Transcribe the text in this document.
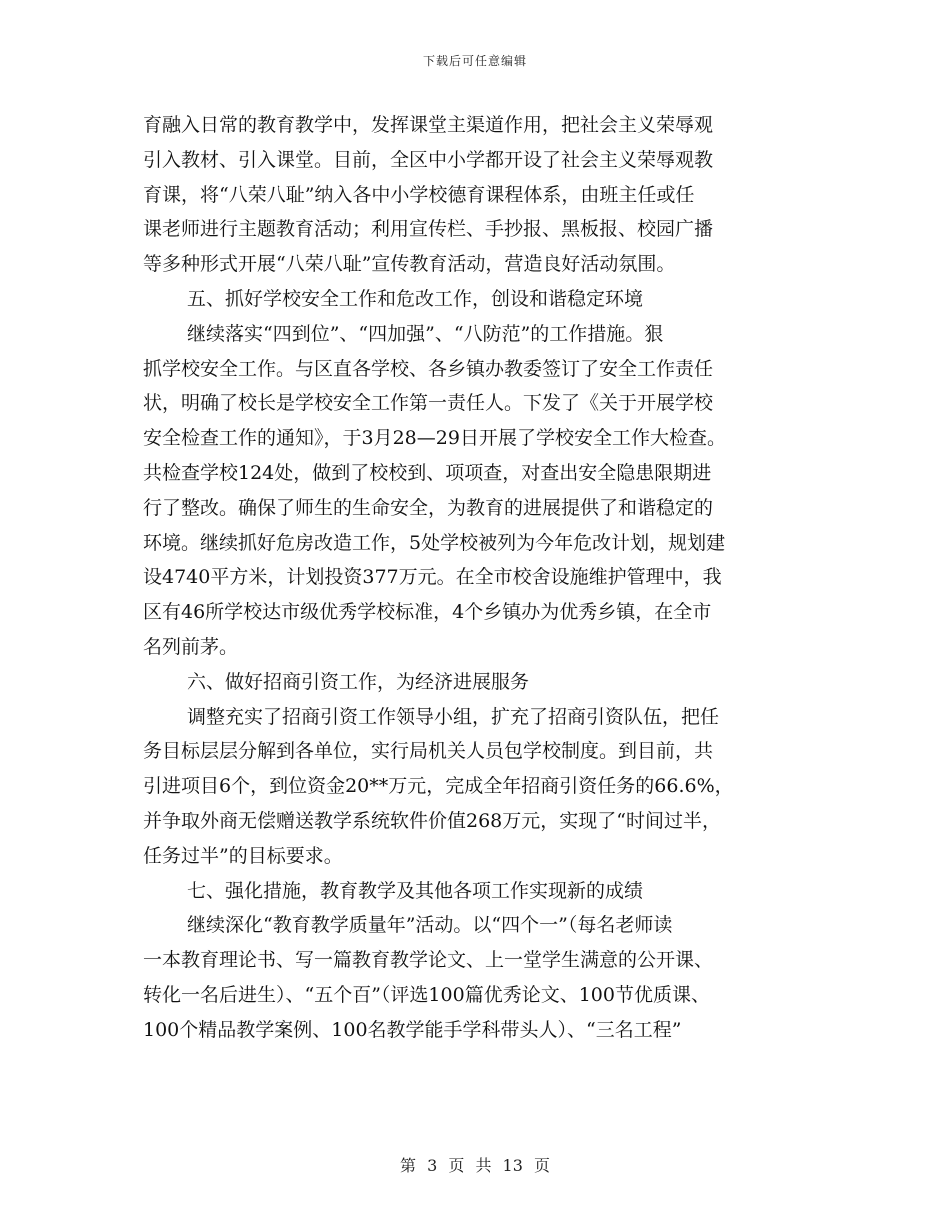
下载后可任意编辑
育融入日常的教育教学中，发挥课堂主渠道作用，把社会主义荣辱观
引入教材、引入课堂。目前，全区中小学都开设了社会主义荣辱观教
育课，将“八荣八耻”纳入各中小学校德育课程体系，由班主任或任
课老师进行主题教育活动；利用宣传栏、手抄报、黑板报、校园广播
等多种形式开展“八荣八耻”宣传教育活动，营造良好活动氛围。
五、抓好学校安全工作和危改工作，创设和谐稳定环境
继续落实“四到位”、“四加强”、“八防范”的工作措施。狠
抓学校安全工作。与区直各学校、各乡镇办教委签订了安全工作责任
状，明确了校长是学校安全工作第一责任人。下发了《关于开展学校
安全检查工作的通知》，于3月28—29日开展了学校安全工作大检查。
共检查学校124处，做到了校校到、项项查，对查出安全隐患限期进
行了整改。确保了师生的生命安全，为教育的进展提供了和谐稳定的
环境。继续抓好危房改造工作，5处学校被列为今年危改计划，规划建
设4740平方米，计划投资377万元。在全市校舍设施维护管理中，我
区有46所学校达市级优秀学校标准，4个乡镇办为优秀乡镇，在全市
名列前茅。
六、做好招商引资工作，为经济进展服务
调整充实了招商引资工作领导小组，扩充了招商引资队伍，把任
务目标层层分解到各单位，实行局机关人员包学校制度。到目前，共
引进项目6个，到位资金20**万元，完成全年招商引资任务的66.6%，
并争取外商无偿赠送教学系统软件价值268万元，实现了“时间过半，
任务过半”的目标要求。
七、强化措施，教育教学及其他各项工作实现新的成绩
继续深化“教育教学质量年”活动。以“四个一”（每名老师读
一本教育理论书、写一篇教育教学论文、上一堂学生满意的公开课、
转化一名后进生）、“五个百”（评选100篇优秀论文、100节优质课、
100个精品教学案例、100名教学能手学科带头人）、“三名工程”
第 3 页 共 13 页
